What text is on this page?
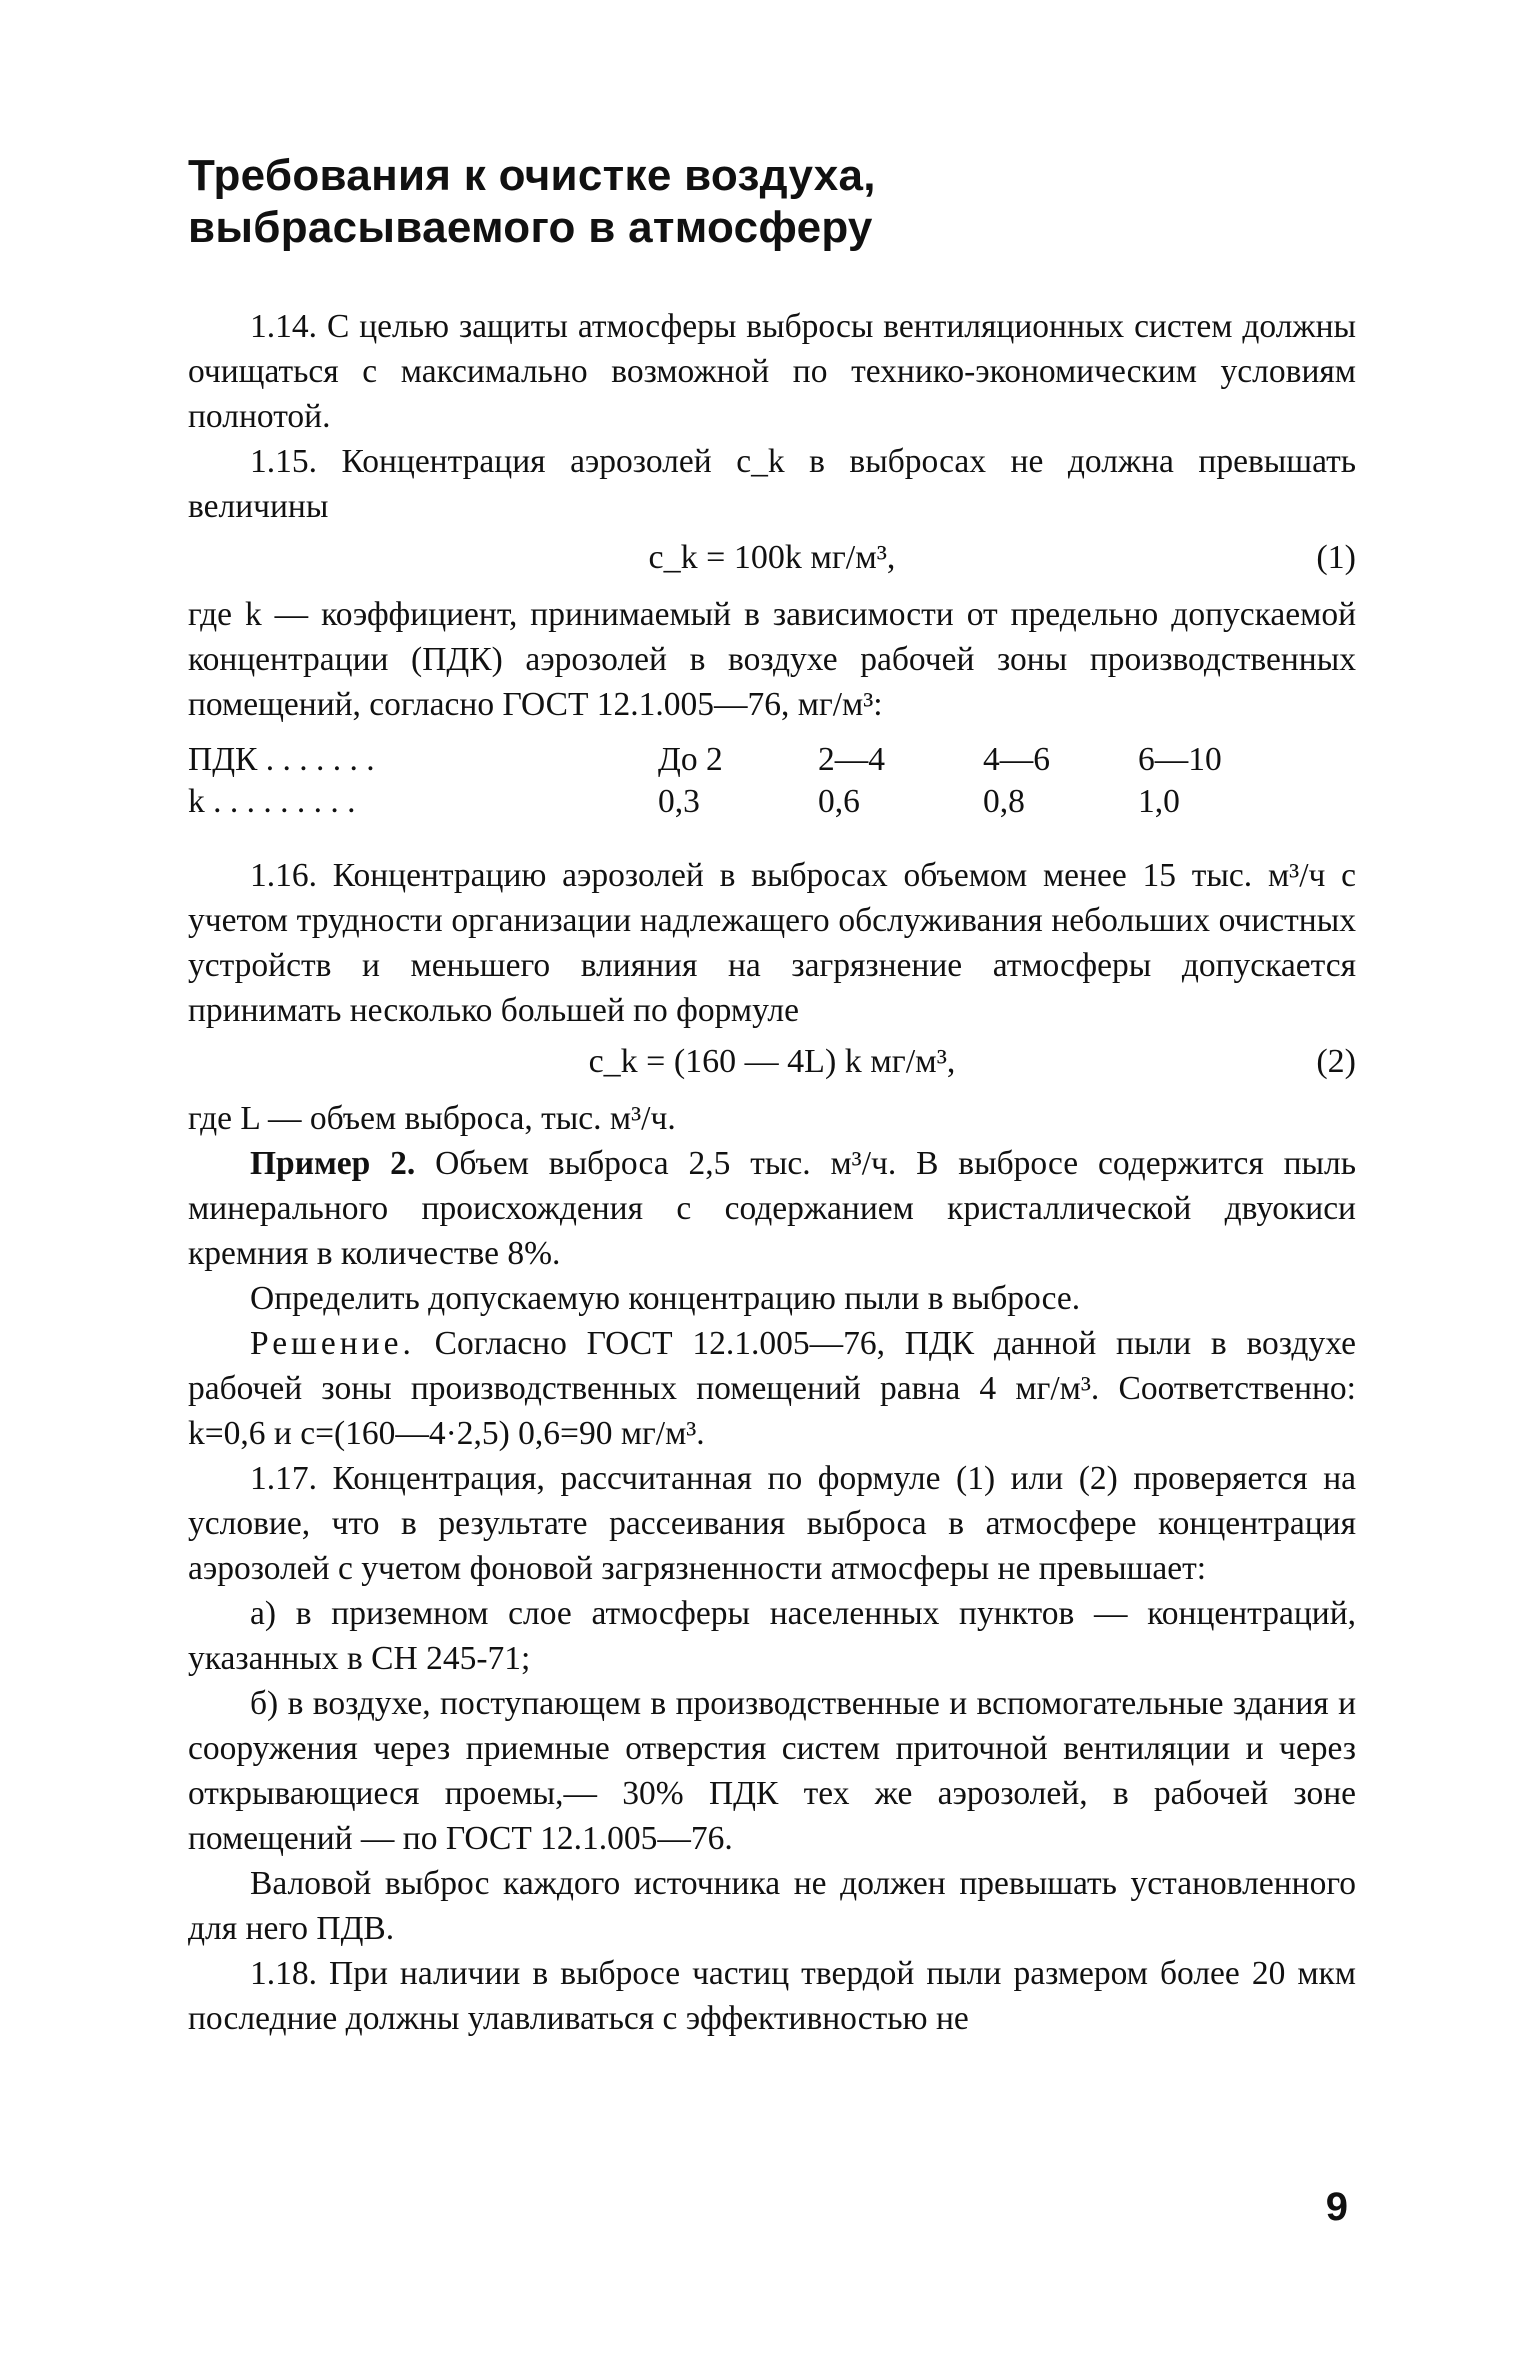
Требования к очистке воздуха,
выбрасываемого в атмосферу

1.14. С целью защиты атмосферы выбросы вентиляционных систем должны очищаться с максимально возможной по технико-экономическим условиям полнотой.

1.15. Концентрация аэрозолей c_k в выбросах не должна превышать величины

c_k = 100k мг/м³,	(1)

где k — коэффициент, принимаемый в зависимости от предельно допускаемой концентрации (ПДК) аэрозолей в воздухе рабочей зоны производственных помещений, согласно ГОСТ 12.1.005—76, мг/м³:

ПДК . . . . . . .	До 2	2—4	4—6	6—10
k . . . . . . . . .	0,3	0,6	0,8	1,0

1.16. Концентрацию аэрозолей в выбросах объемом менее 15 тыс. м³/ч с учетом трудности организации надлежащего обслуживания небольших очистных устройств и меньшего влияния на загрязнение атмосферы допускается принимать несколько большей по формуле

c_k = (160 — 4L) k мг/м³,	(2)

где L — объем выброса, тыс. м³/ч.

Пример 2. Объем выброса 2,5 тыс. м³/ч. В выбросе содержится пыль минерального происхождения с содержанием кристаллической двуокиси кремния в количестве 8%.

Определить допускаемую концентрацию пыли в выбросе.

Решение. Согласно ГОСТ 12.1.005—76, ПДК данной пыли в воздухе рабочей зоны производственных помещений равна 4 мг/м³. Соответственно: k=0,6 и c=(160—4·2,5) 0,6=90 мг/м³.

1.17. Концентрация, рассчитанная по формуле (1) или (2) проверяется на условие, что в результате рассеивания выброса в атмосфере концентрация аэрозолей с учетом фоновой загрязненности атмосферы не превышает:

а) в приземном слое атмосферы населенных пунктов — концентраций, указанных в СН 245-71;

б) в воздухе, поступающем в производственные и вспомогательные здания и сооружения через приемные отверстия систем приточной вентиляции и через открывающиеся проемы,— 30% ПДК тех же аэрозолей, в рабочей зоне помещений — по ГОСТ 12.1.005—76.

Валовой выброс каждого источника не должен превышать установленного для него ПДВ.

1.18. При наличии в выбросе частиц твердой пыли размером более 20 мкм последние должны улавливаться с эффективностью не

9
